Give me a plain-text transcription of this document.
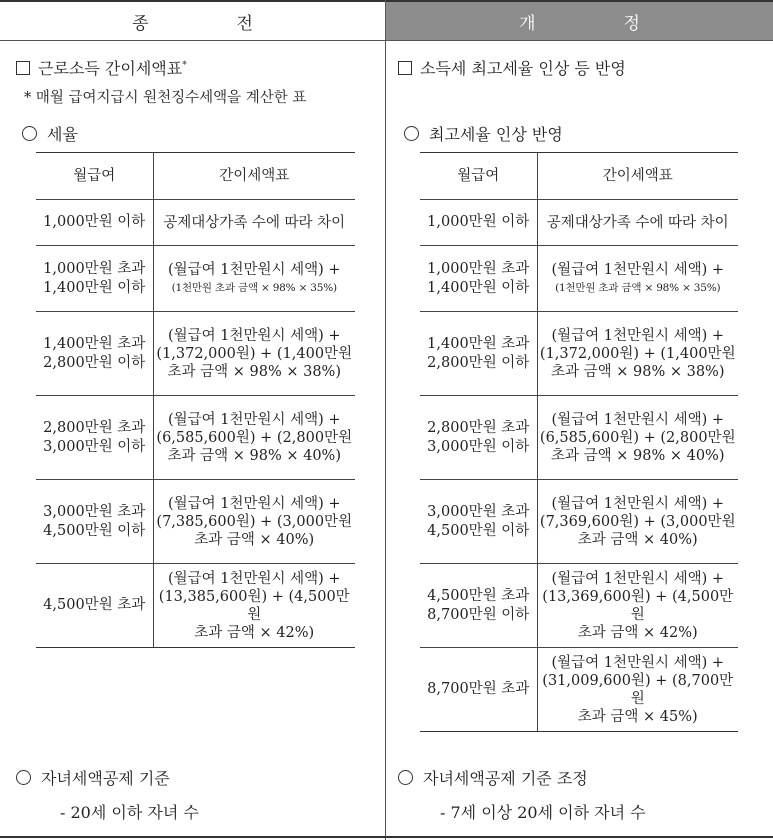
종	전	개	정
근로소득 간이세액표*
* 매월 급여지급시 원천징수세액을 계산한 표
세율
월급여	간이세액표

1,000만원 이하	공제대상가족 수에 따라 차이

1,000만원 초과
1,400만원 이하	(월급여 1천만원시 세액) +
(1천만원 초과 금액 × 98% × 35%)

1,400만원 초과
2,800만원 이하	(월급여 1천만원시 세액) +
(1,372,000원) + (1,400만원
초과 금액 × 98% × 38%)

2,800만원 초과
3,000만원 이하	(월급여 1천만원시 세액) +
(6,585,600원) + (2,800만원
초과 금액 × 98% × 40%)

3,000만원 초과
4,500만원 이하	(월급여 1천만원시 세액) +
(7,385,600원) + (3,000만원
초과 금액 × 40%)

4,500만원 초과	(월급여 1천만원시 세액) +
(13,385,600원) + (4,500만원
초과 금액 × 42%)
자녀세액공제 기준
- 20세 이하 자녀 수
소득세 최고세율 인상 등 반영
최고세율 인상 반영
월급여	간이세액표

1,000만원 이하	공제대상가족 수에 따라 차이

1,000만원 초과
1,400만원 이하	(월급여 1천만원시 세액) +
(1천만원 초과 금액 × 98% × 35%)

1,400만원 초과
2,800만원 이하	(월급여 1천만원시 세액) +
(1,372,000원) + (1,400만원
초과 금액 × 98% × 38%)

2,800만원 초과
3,000만원 이하	(월급여 1천만원시 세액) +
(6,585,600원) + (2,800만원
초과 금액 × 98% × 40%)

3,000만원 초과
4,500만원 이하	(월급여 1천만원시 세액) +
(7,369,600원) + (3,000만원
초과 금액 × 40%)

4,500만원 초과
8,700만원 이하	(월급여 1천만원시 세액) +
(13,369,600원) + (4,500만원
초과 금액 × 42%)

8,700만원 초과	(월급여 1천만원시 세액) +
(31,009,600원) + (8,700만원
초과 금액 × 45%)
자녀세액공제 기준 조정
- 7세 이상 20세 이하 자녀 수
